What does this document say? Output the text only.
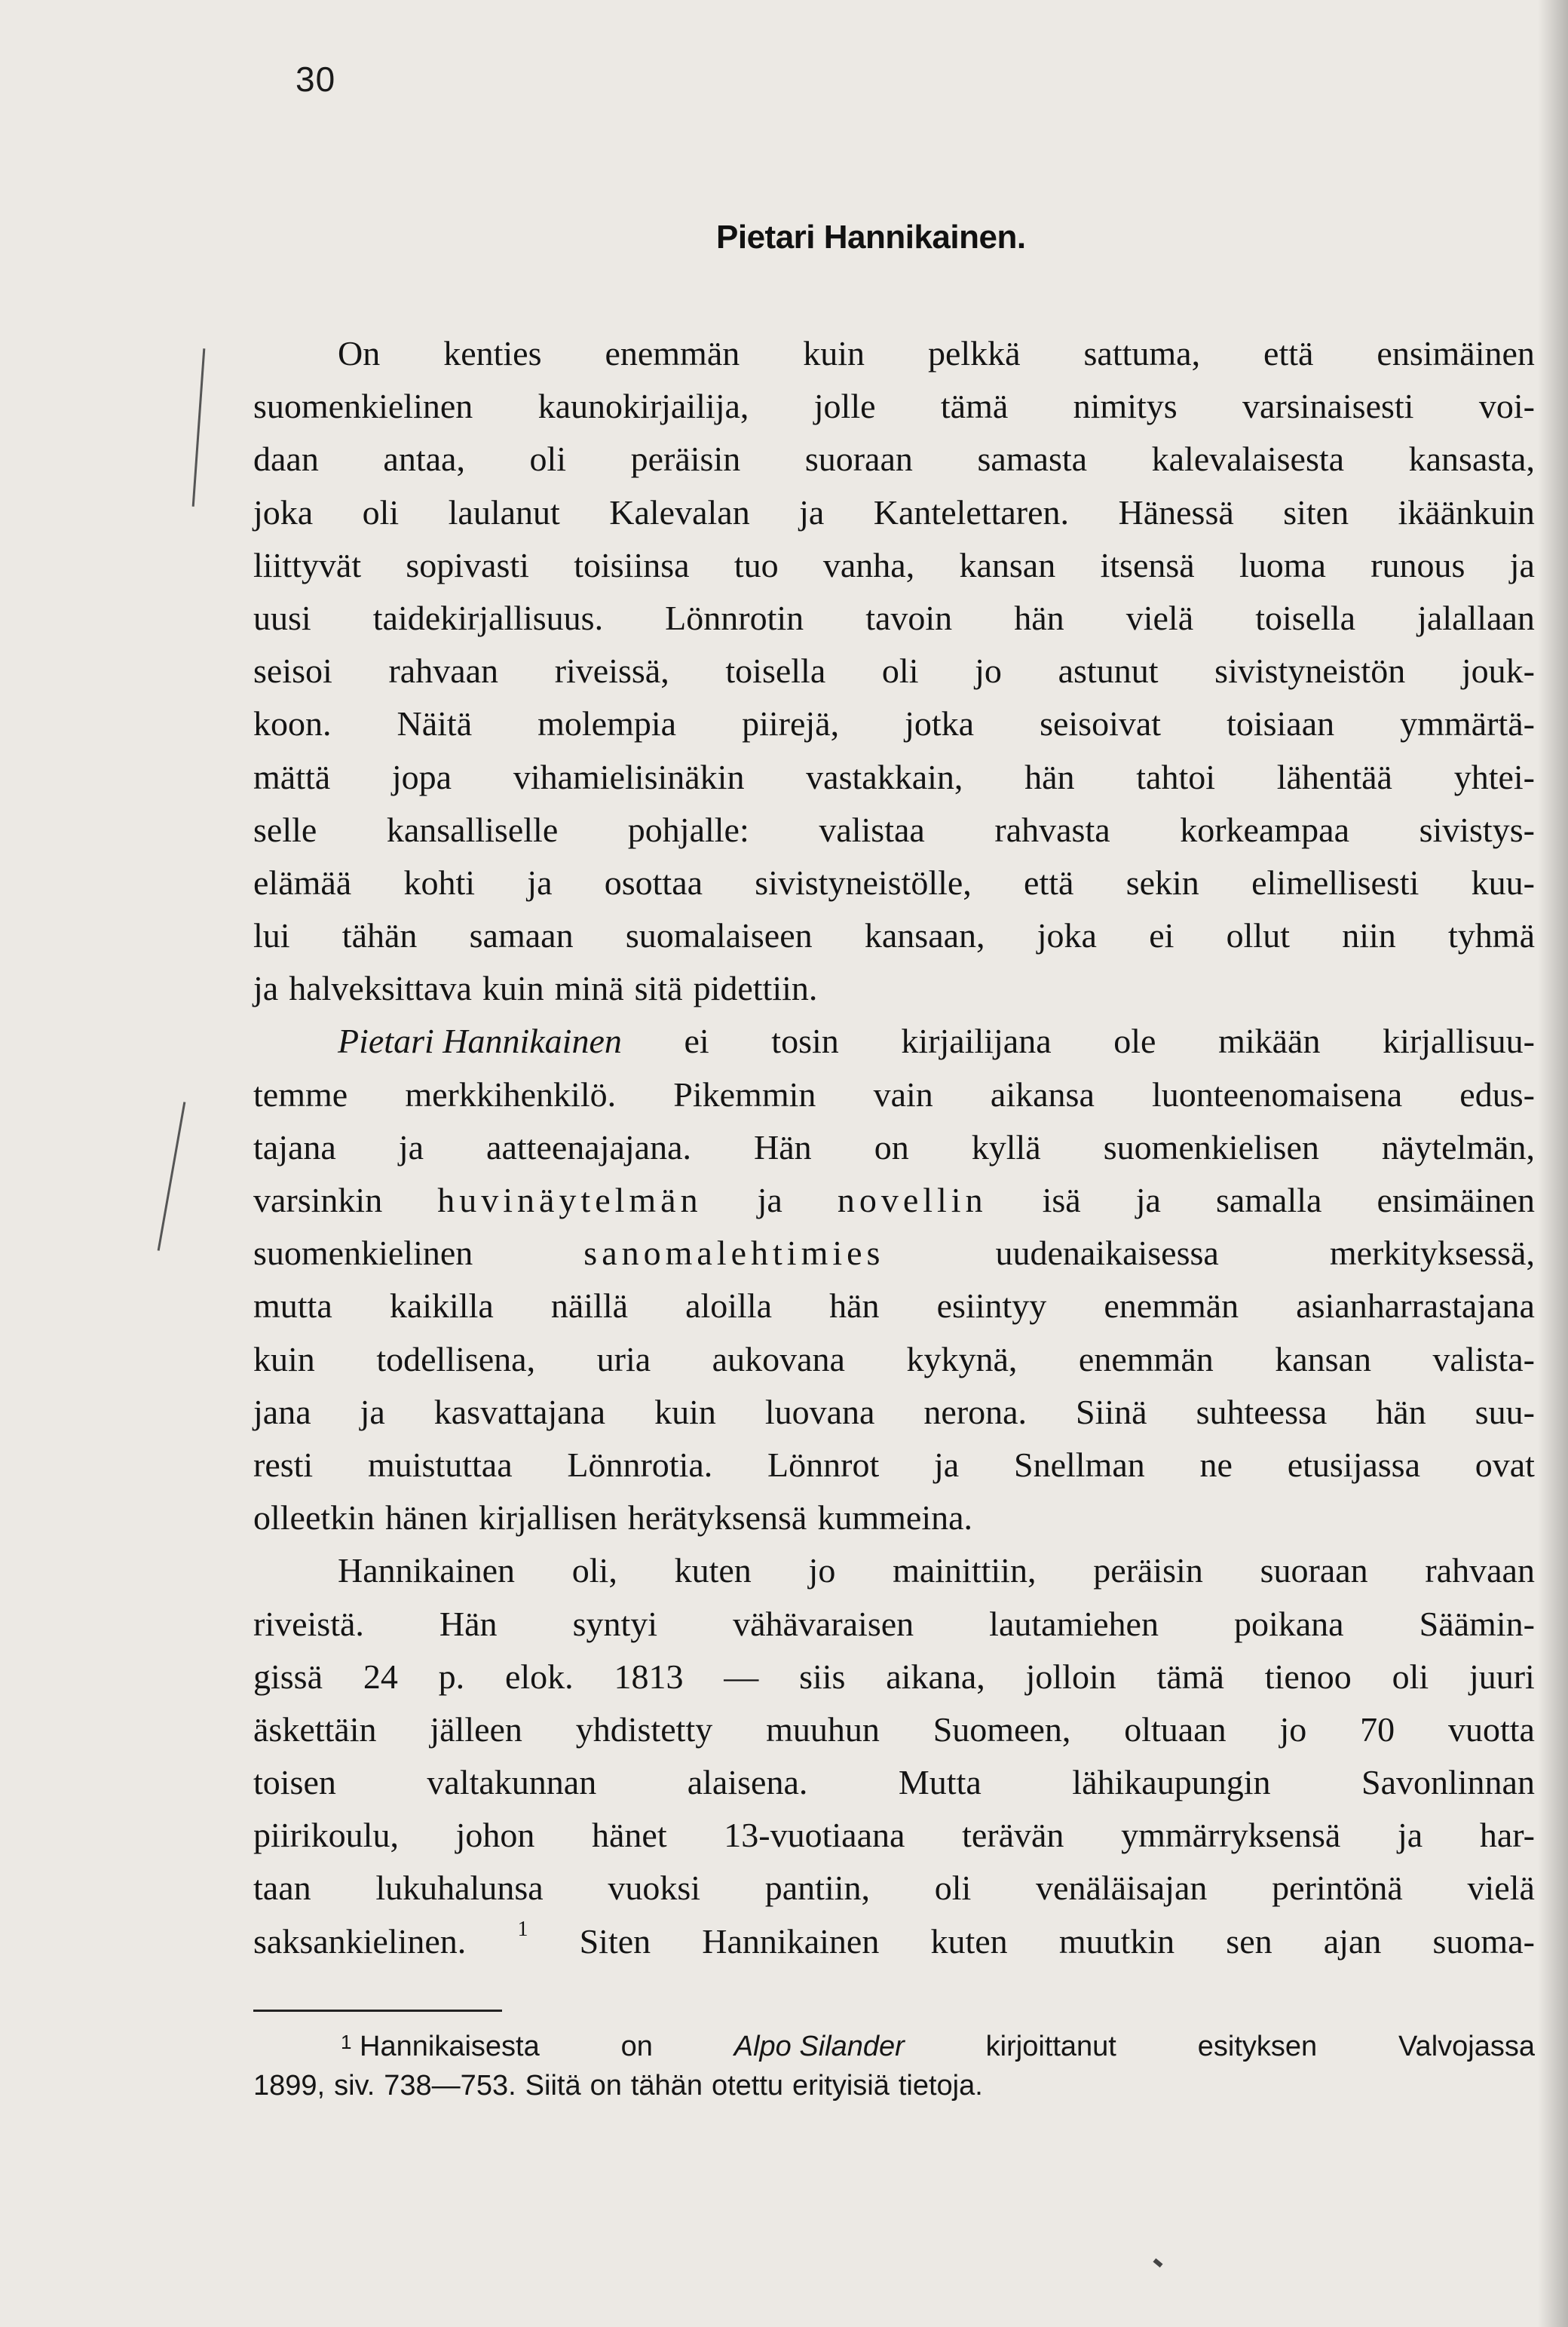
30
Pietari Hannikainen.
On kenties enemmän kuin pelkkä sattuma, että ensimäinen
suomenkielinen kaunokirjailija, jolle tämä nimitys varsinaisesti voi-
daan antaa, oli peräisin suoraan samasta kalevalaisesta kansasta,
joka oli laulanut Kalevalan ja Kantelettaren. Hänessä siten ikäänkuin
liittyvät sopivasti toisiinsa tuo vanha, kansan itsensä luoma runous ja
uusi taidekirjallisuus. Lönnrotin tavoin hän vielä toisella jalallaan
seisoi rahvaan riveissä, toisella oli jo astunut sivistyneistön jouk-
koon. Näitä molempia piirejä, jotka seisoivat toisiaan ymmärtä-
mättä jopa vihamielisinäkin vastakkain, hän tahtoi lähentää yhtei-
selle kansalliselle pohjalle: valistaa rahvasta korkeampaa sivistys-
elämää kohti ja osottaa sivistyneistölle, että sekin elimellisesti kuu-
lui tähän samaan suomalaiseen kansaan, joka ei ollut niin tyhmä
ja halveksittava kuin minä sitä pidettiin.
Pietari Hannikainen ei tosin kirjailijana ole mikään kirjallisuu-
temme merkkihenkilö. Pikemmin vain aikansa luonteenomaisena edus-
tajana ja aatteenajajana. Hän on kyllä suomenkielisen näytelmän,
varsinkin huvinäytelmän ja novellin isä ja samalla ensimäinen
suomenkielinen	sanomalehtimies	uudenaikaisessa	merkityksessä,
mutta kaikilla näillä aloilla hän esiintyy enemmän asianharrastajana
kuin todellisena, uria aukovana kykynä, enemmän kansan valista-
jana ja kasvattajana kuin luovana nerona. Siinä suhteessa hän suu-
resti muistuttaa Lönnrotia. Lönnrot ja Snellman ne etusijassa ovat
olleetkin hänen kirjallisen herätyksensä kummeina.
Hannikainen oli, kuten jo mainittiin, peräisin suoraan rahvaan
riveistä. Hän syntyi vähävaraisen lautamiehen poikana Säämin-
gissä 24 p. elok. 1813 — siis aikana, jolloin tämä tienoo oli juuri
äskettäin jälleen yhdistetty muuhun Suomeen, oltuaan jo 70 vuotta
toisen	valtakunnan	alaisena.	Mutta	lähikaupungin	Savonlinnan
piirikoulu, johon hänet 13-vuotiaana terävän ymmärryksensä ja har-
taan lukuhalunsa vuoksi pantiin, oli venäläisajan perintönä vielä
saksankielinen. 1 Siten Hannikainen kuten muutkin sen ajan suoma-
$^1$ Hannikaisesta	on	Alpo Silander	kirjoittanut	esityksen	Valvojassa
1899, siv. 738—753. Siitä on tähän otettu erityisiä tietoja.
